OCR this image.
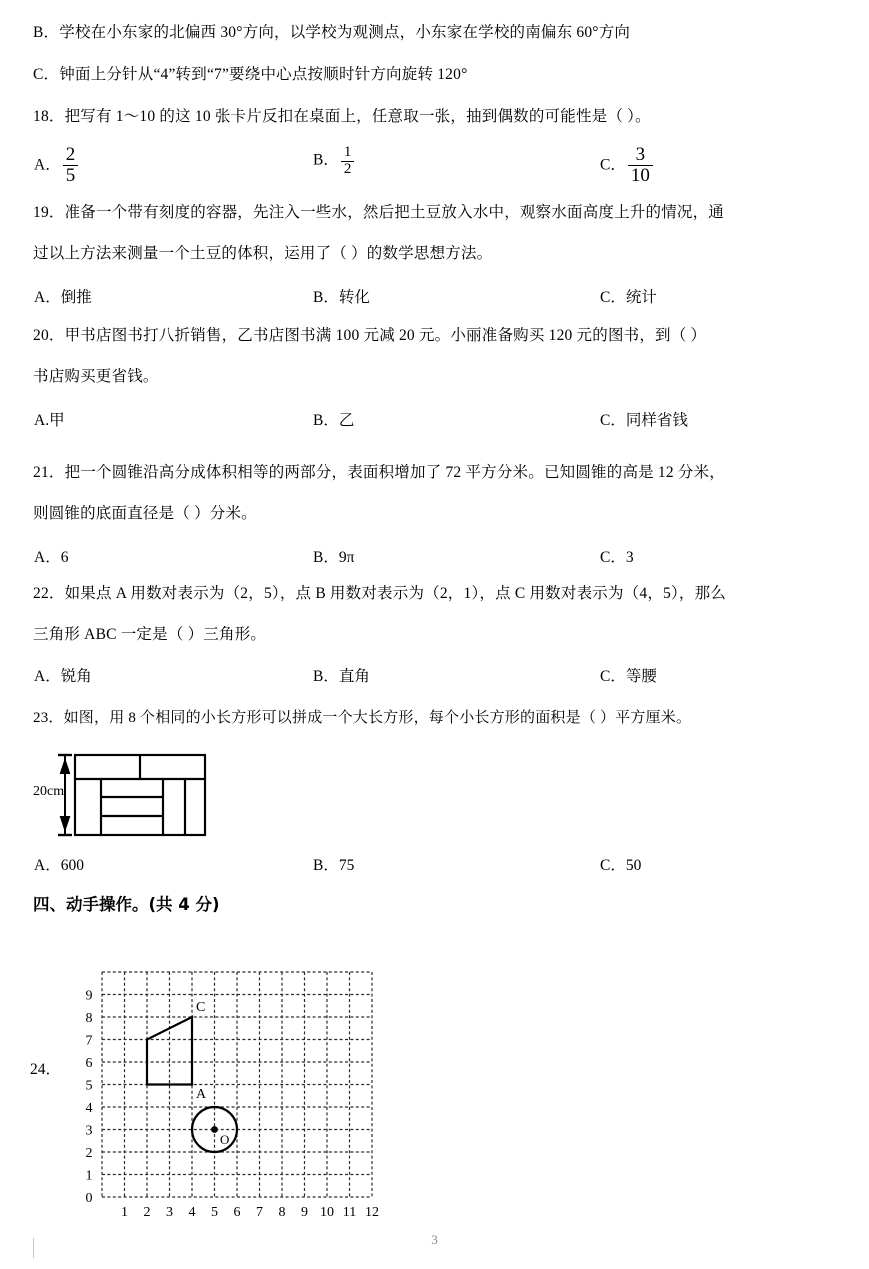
B．学校在小东家的北偏西 30°方向，以学校为观测点，小东家在学校的南偏东 60°方向
C．钟面上分针从“4”转到“7”要绕中心点按顺时针方向旋转 120°
18．把写有 1～10 的这 10 张卡片反扣在桌面上，任意取一张，抽到偶数的可能性是（ ）。
A． $\frac{2}{5}$	B． $\frac{1}{2}$	C． $\frac{3}{10}$
19．准备一个带有刻度的容器，先注入一些水，然后把土豆放入水中，观察水面高度上升的情况，通
过以上方法来测量一个土豆的体积，运用了（ ）的数学思想方法。
A．倒推	B．转化	C．统计
20．甲书店图书打八折销售，乙书店图书满 100 元减 20 元。小丽准备购买 120 元的图书，到（ ）
书店购买更省钱。
A.甲	B．乙	C．同样省钱
21．把一个圆锥沿高分成体积相等的两部分，表面积增加了 72 平方分米。已知圆锥的高是 12 分米，
则圆锥的底面直径是（ ）分米。
A．6	B．9π	C．3
22．如果点 A 用数对表示为（2，5），点 B 用数对表示为（2，1），点 C 用数对表示为（4，5），那么
三角形 ABC 一定是（ ）三角形。
A．锐角	B．直角	C．等腰
23．如图，用 8 个相同的小长方形可以拼成一个大长方形，每个小长方形的面积是（ ）平方厘米。
20cm
A．600	B．75	C．50
四、动手操作。(共 4 分)
24．
A
C
O
0
1
2
3
4
5
6
7
8
9
1 2 3 4 5 6 7 8 9 10 11 12
3
